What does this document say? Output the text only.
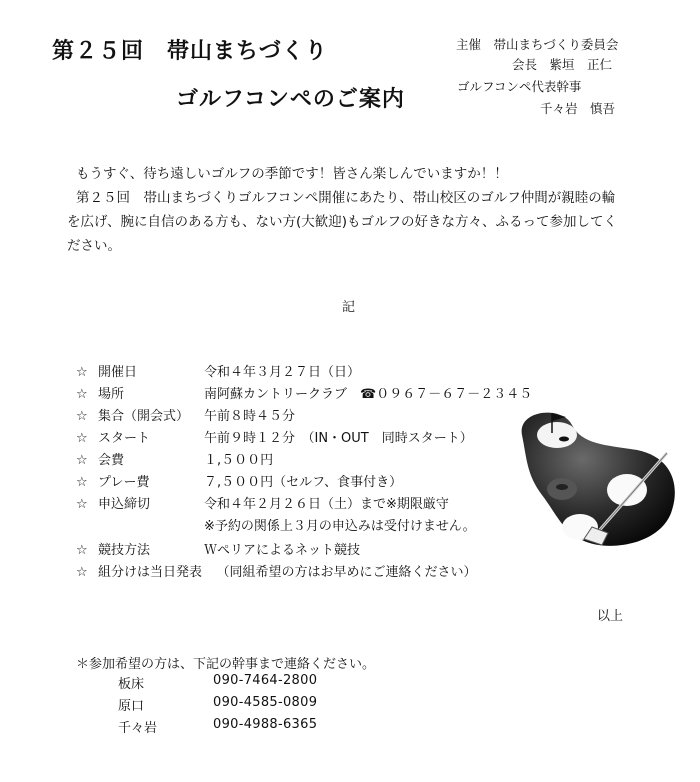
第２５回　帯山まちづくり
ゴルフコンペのご案内
主催　帯山まちづくり委員会
会長　紫垣　正仁
ゴルフコンペ代表幹事
千々岩　慎吾
もうすぐ、待ち遠しいゴルフの季節です！皆さん楽しんでいますか！！
第２５回　帯山まちづくりゴルフコンペ開催にあたり、帯山校区のゴルフ仲間が親睦の輪
を広げ、腕に自信のある方も、ない方(大歓迎)もゴルフの好きな方々、ふるって参加してく
ださい。
記
☆ 開催日	令和４年３月２７日（日）
☆ 場所	南阿蘇カントリークラブ　☎０９６７－６７－２３４５
☆ 集合（開会式） 午前８時４５分
☆ スタート	午前９時１２分　（IN・OUT　同時スタート）
☆ 会費	１,５００円
☆ プレー費	７,５００円（セルフ、食事付き）
☆ 申込締切	令和４年２月２６日（土）まで※期限厳守
※予約の関係上３月の申込みは受付けません。
☆ 競技方法	Ｗペリアによるネット競技
☆ 組分けは当日発表 　（同組希望の方はお早めにご連絡ください）
以上
＊参加希望の方は、下記の幹事まで連絡ください。
板床	090-7464-2800
原口	090-4585-0809
千々岩	090-4988-6365
